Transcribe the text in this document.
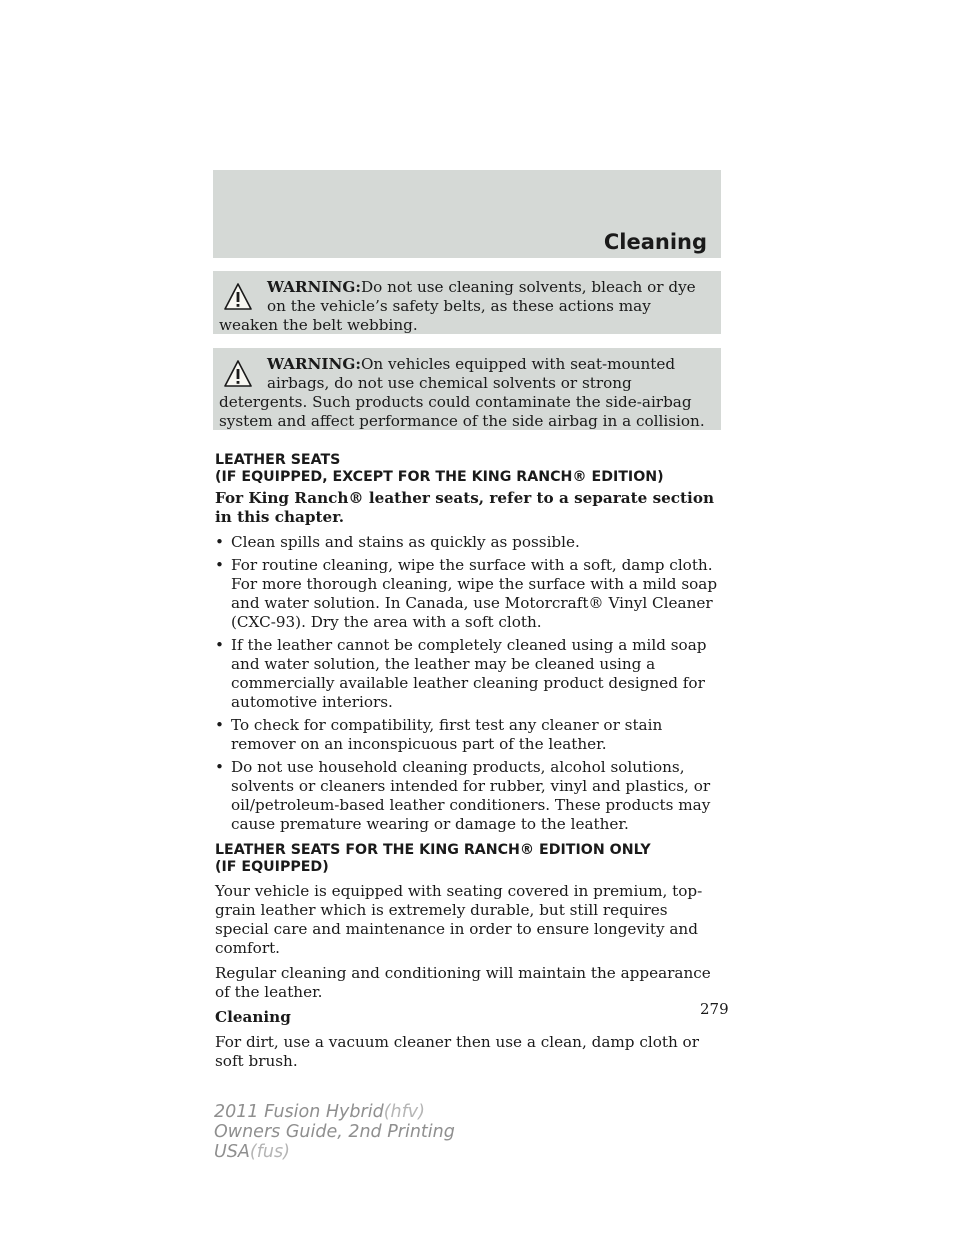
Cleaning
WARNING:Do not use cleaning solvents, bleach or dye on the vehicle’s safety belts, as these actions may weaken the belt webbing.
WARNING:On vehicles equipped with seat-mounted airbags, do not use chemical solvents or strong detergents. Such products could contaminate the side-airbag system and affect performance of the side airbag in a collision.
LEATHER SEATS
(IF EQUIPPED, EXCEPT FOR THE KING RANCH® EDITION)

For King Ranch® leather seats, refer to a separate section in this chapter.

• Clean spills and stains as quickly as possible.
• For routine cleaning, wipe the surface with a soft, damp cloth. For more thorough cleaning, wipe the surface with a mild soap and water solution. In Canada, use Motorcraft® Vinyl Cleaner (CXC-93). Dry the area with a soft cloth.
• If the leather cannot be completely cleaned using a mild soap and water solution, the leather may be cleaned using a commercially available leather cleaning product designed for automotive interiors.
• To check for compatibility, first test any cleaner or stain remover on an inconspicuous part of the leather.
• Do not use household cleaning products, alcohol solutions, solvents or cleaners intended for rubber, vinyl and plastics, or oil/petroleum-based leather conditioners. These products may cause premature wearing or damage to the leather.
LEATHER SEATS FOR THE KING RANCH® EDITION ONLY
(IF EQUIPPED)

Your vehicle is equipped with seating covered in premium, top-grain leather which is extremely durable, but still requires special care and maintenance in order to ensure longevity and comfort.

Regular cleaning and conditioning will maintain the appearance of the leather.

Cleaning

For dirt, use a vacuum cleaner then use a clean, damp cloth or soft brush.

279
2011 Fusion Hybrid(hfv)
Owners Guide, 2nd Printing
USA(fus)
